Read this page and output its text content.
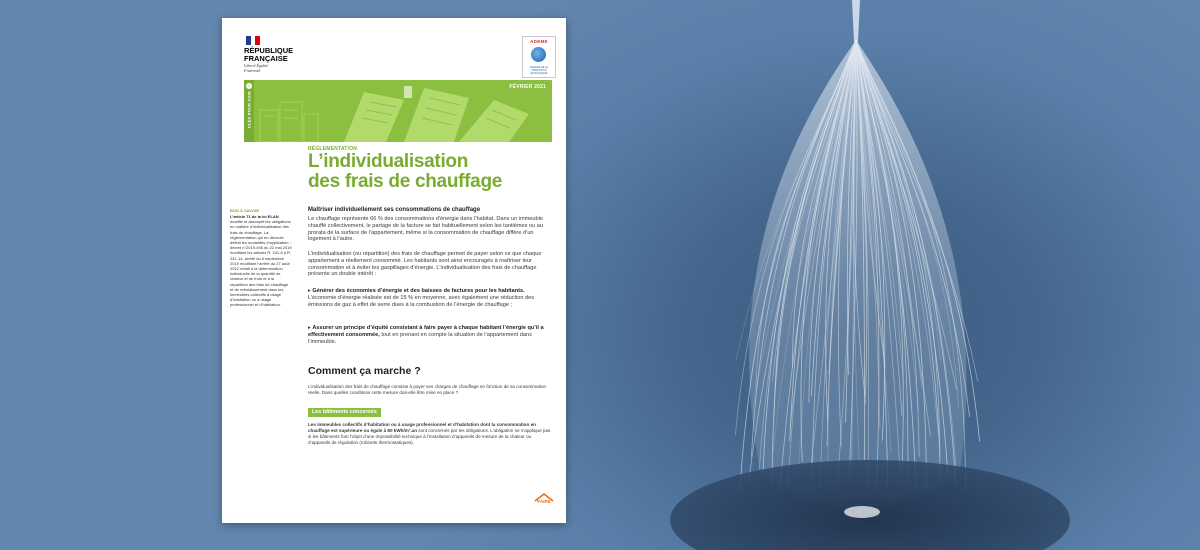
RÉPUBLIQUE
FRANÇAISE
Liberté Égalité Fraternité
ADEME
AGENCE DE LA TRANSITION ÉCOLOGIQUE
i
CLÉS POUR AGIR
FÉVRIER 2021
RÉGLEMENTATION
L’individualisation
des frais de chauffage
BON À SAVOIR
L’article 71 de la loi ELAN modifie et assouplit les obligations en matière d’individualisation des frais de chauffage. La réglementation qui en découle définit les modalités d’application : décret n°2019-496 du 22 mai 2019 modifiant les articles R. 241-6 à R. 241-14, arrêté du 6 septembre 2019 modifiant l’arrêté du 27 août 2012 relatif à la détermination individuelle de la quantité de chaleur et de froid et à la répartition des frais de chauffage et de refroidissement dans les immeubles collectifs à usage d’habitation ou à usage professionnel et d’habitation.
Maîtriser individuellement ses consommations de chauffage

Le chauffage représente 66 % des consommations d’énergie dans l’habitat. Dans un immeuble chauffé collectivement, le partage de la facture se fait habituellement selon les tantièmes ou au prorata de la surface de l’appartement, même si la consommation de chauffage diffère d’un logement à l’autre.

L’individualisation (ou répartition) des frais de chauffage permet de payer selon ce que chaque appartement a réellement consommé. Les habitants sont ainsi encouragés à maîtriser leur consommation et à éviter les gaspillages d’énergie. L’individualisation des frais de chauffage présente un double intérêt :

▸ Générer des économies d’énergie et des baisses de factures pour les habitants. L’économie d’énergie réalisée est de 15 % en moyenne, avec également une réduction des émissions de gaz à effet de serre dues à la combustion de l’énergie de chauffage ;

▸ Assurer un principe d’équité consistant à faire payer à chaque habitant l’énergie qu’il a effectivement consommée, tout en prenant en compte la situation de l’appartement dans l’immeuble.

Comment ça marche ?

L’individualisation des frais de chauffage consiste à payer ses charges de chauffage en fonction de sa consommation réelle. Dans quelles conditions cette mesure doit-elle être mise en place ?

Les bâtiments concernés

Les immeubles collectifs d’habitation ou à usage professionnel et d’habitation dont la consommation en chauffage est supérieure ou égale à 80 kWh/m².an sont concernés par les obligations. L’obligation ne s’applique pas si les bâtiments font l’objet d’une impossibilité technique à l’installation d’appareils de mesure de la chaleur ou d’appareils de régulation (robinets thermostatiques).

FAIRE
